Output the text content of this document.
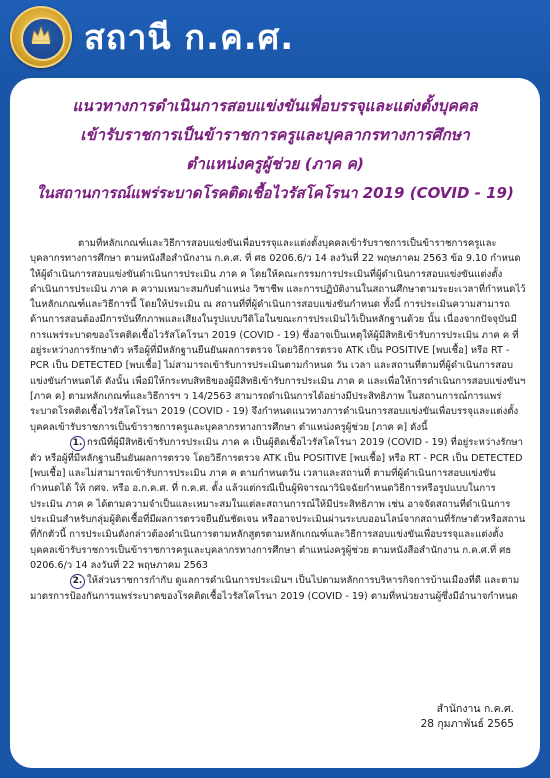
สถานี ก.ค.ศ.
แนวทางการดำเนินการสอบแข่งขันเพื่อบรรจุและแต่งตั้งบุคคล
เข้ารับราชการเป็นข้าราชการครูและบุคลากรทางการศึกษา
ตำแหน่งครูผู้ช่วย (ภาค ค)
ในสถานการณ์แพร่ระบาดโรคติดเชื้อไวรัสโคโรนา 2019 (COVID - 19)

ตามที่หลักเกณฑ์และวิธีการสอบแข่งขันเพื่อบรรจุและแต่งตั้งบุคคลเข้ารับราชการเป็นข้าราชการครูและบุคลากรทางการศึกษา ตามหนังสือสำนักงาน ก.ค.ศ. ที่ ศธ 0206.6/ว 14 ลงวันที่ 22 พฤษภาคม 2563 ข้อ 9.10 กำหนดให้ผู้ดำเนินการสอบแข่งขันดำเนินการประเมิน ภาค ค โดยให้คณะกรรมการประเมินที่ผู้ดำเนินการสอบแข่งขันแต่งตั้ง ดำเนินการประเมิน ภาค ค ความเหมาะสมกับตำแหน่ง วิชาชีพ และการปฏิบัติงานในสถานศึกษาตามระยะเวลาที่กำหนดไว้ในหลักเกณฑ์และวิธีการนี้ โดยให้ประเมิน ณ สถานที่ที่ผู้ดำเนินการสอบแข่งขันกำหนด ทั้งนี้ การประเมินความสามารถด้านการสอนต้องมีการบันทึกภาพและเสียงในรูปแบบวีดิโอในขณะการประเมินไว้เป็นหลักฐานด้วย นั้น เนื่องจากปัจจุบันมีการแพร่ระบาดของโรคติดเชื้อไวรัสโคโรนา 2019 (COVID - 19) ซึ่งอาจเป็นเหตุให้ผู้มีสิทธิเข้ารับการประเมิน ภาค ค ที่อยู่ระหว่างการรักษาตัว หรือผู้ที่มีหลักฐานยืนยันผลการตรวจ โดยวิธีการตรวจ ATK เป็น POSITIVE [พบเชื้อ] หรือ RT - PCR เป็น DETECTED [พบเชื้อ] ไม่สามารถเข้ารับการประเมินตามกำหนด วัน เวลา และสถานที่ตามที่ผู้ดำเนินการสอบแข่งขันกำหนดได้ ดังนั้น เพื่อมิให้กระทบสิทธิของผู้มีสิทธิเข้ารับการประเมิน ภาค ค และเพื่อให้การดำเนินการสอบแข่งขันฯ [ภาค ค] ตามหลักเกณฑ์และวิธีการฯ ว 14/2563 สามารถดำเนินการได้อย่างมีประสิทธิภาพ ในสถานการณ์การแพร่ระบาดโรคติดเชื้อไวรัสโคโรนา 2019 (COVID - 19) จึงกำหนดแนวทางการดำเนินการสอบแข่งขันเพื่อบรรจุและแต่งตั้งบุคคลเข้ารับราชการเป็นข้าราชการครูและบุคลากรทางการศึกษา ตำแหน่งครูผู้ช่วย [ภาค ค] ดังนี้

1. กรณีที่ผู้มีสิทธิเข้ารับการประเมิน ภาค ค เป็นผู้ติดเชื้อไวรัสโคโรนา 2019 (COVID - 19) ที่อยู่ระหว่างรักษาตัว หรือผู้ที่มีหลักฐานยืนยันผลการตรวจ โดยวิธีการตรวจ ATK เป็น POSITIVE [พบเชื้อ] หรือ RT - PCR เป็น DETECTED [พบเชื้อ] และไม่สามารถเข้ารับการประเมิน ภาค ค ตามกำหนดวัน เวลาและสถานที่ ตามที่ผู้ดำเนินการสอบแข่งขันกำหนดได้ ให้ กศจ. หรือ อ.ก.ค.ศ. ที่ ก.ค.ศ. ตั้ง แล้วแต่กรณีเป็นผู้พิจารณาวินิจฉัยกำหนดวิธีการหรือรูปแบบในการประเมิน ภาค ค ได้ตามความจำเป็นและเหมาะสมในแต่ละสถานการณ์ให้มีประสิทธิภาพ เช่น อาจจัดสถานที่ดำเนินการประเมินสำหรับกลุ่มผู้ติดเชื้อที่มีผลการตรวจยืนยันชัดเจน หรืออาจประเมินผ่านระบบออนไลน์จากสถานที่รักษาตัวหรือสถานที่กักตัวนี้ การประเมินดังกล่าวต้องดำเนินการตามหลักสูตรตามหลักเกณฑ์และวิธีการสอบแข่งขันเพื่อบรรจุและแต่งตั้งบุคคลเข้ารับราชการเป็นข้าราชการครูและบุคลากรทางการศึกษา ตำแหน่งครูผู้ช่วย ตามหนังสือสำนักงาน ก.ค.ศ.ที่ ศธ 0206.6/ว 14 ลงวันที่ 22 พฤษภาคม 2563

2. ให้ส่วนราชการกำกับ ดูแลการดำเนินการประเมินฯ เป็นไปตามหลักการบริหารกิจการบ้านเมืองที่ดี และตามมาตรการป้องกันการแพร่ระบาดของโรคติดเชื้อไวรัสโคโรนา 2019 (COVID - 19) ตามที่หน่วยงานผู้ซึ่งมีอำนาจกำหนด

สำนักงาน ก.ค.ศ.
28 กุมภาพันธ์ 2565
